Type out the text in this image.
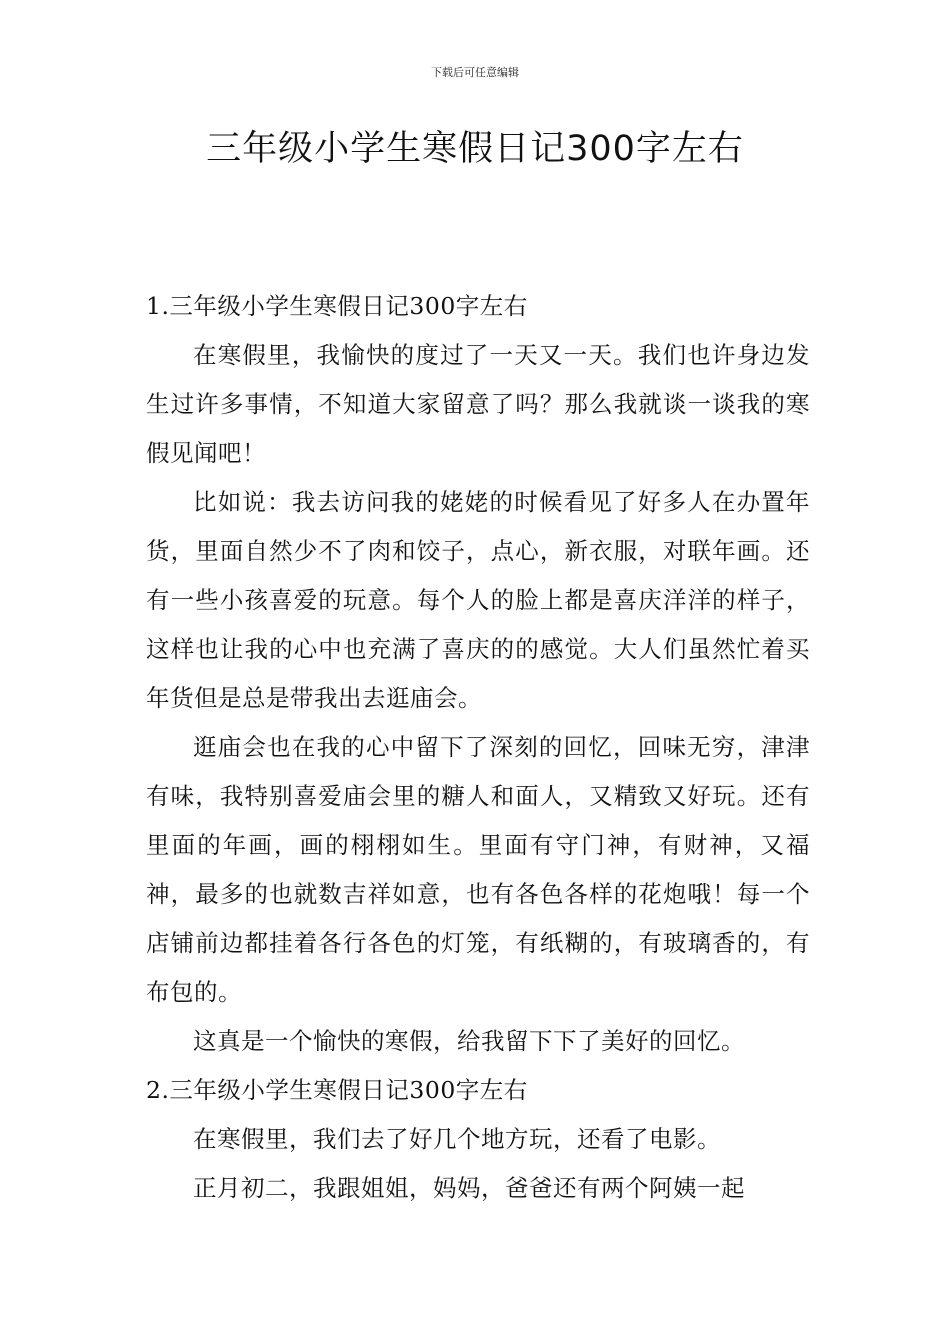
下载后可任意编辑
三年级小学生寒假日记300字左右

1.三年级小学生寒假日记300字左右

在寒假里，我愉快的度过了一天又一天。我们也许身边发生过许多事情，不知道大家留意了吗？那么我就谈一谈我的寒假见闻吧！

比如说：我去访问我的姥姥的时候看见了好多人在办置年货，里面自然少不了肉和饺子，点心，新衣服，对联年画。还有一些小孩喜爱的玩意。每个人的脸上都是喜庆洋洋的样子，这样也让我的心中也充满了喜庆的的感觉。大人们虽然忙着买年货但是总是带我出去逛庙会。

逛庙会也在我的心中留下了深刻的回忆，回味无穷，津津有味，我特别喜爱庙会里的糖人和面人，又精致又好玩。还有里面的年画，画的栩栩如生。里面有守门神，有财神，又福神，最多的也就数吉祥如意，也有各色各样的花炮哦！每一个店铺前边都挂着各行各色的灯笼，有纸糊的，有玻璃香的，有布包的。

这真是一个愉快的寒假，给我留下下了美好的回忆。

2.三年级小学生寒假日记300字左右

在寒假里，我们去了好几个地方玩，还看了电影。

正月初二，我跟姐姐，妈妈，爸爸还有两个阿姨一起
